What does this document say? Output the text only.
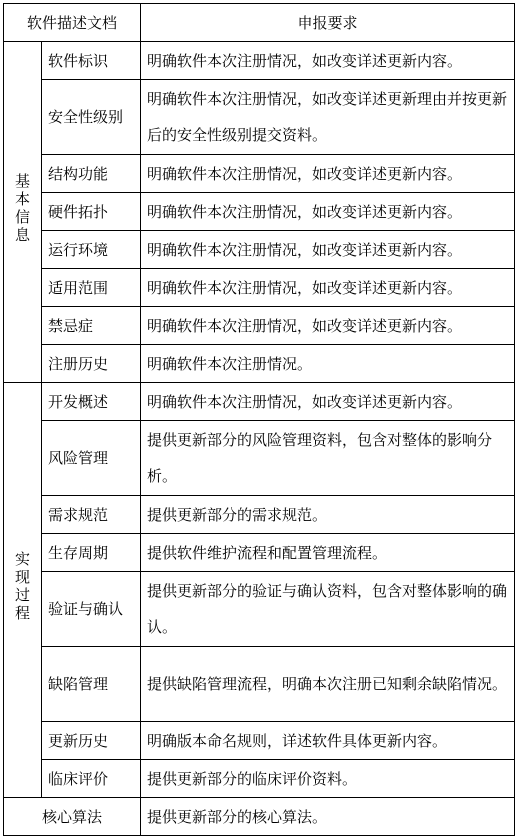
软件描述文档		申报要求
基本信息	软件标识	明确软件本次注册情况，如改变详述更新内容。
	安全性级别	明确软件本次注册情况，如改变详述更新理由并按更新后的安全性级别提交资料。
	结构功能	明确软件本次注册情况，如改变详述更新内容。
	硬件拓扑	明确软件本次注册情况，如改变详述更新内容。
	运行环境	明确软件本次注册情况，如改变详述更新内容。
	适用范围	明确软件本次注册情况，如改变详述更新内容。
	禁忌症	明确软件本次注册情况，如改变详述更新内容。
	注册历史	明确软件本次注册情况。
实现过程	开发概述	明确软件本次注册情况，如改变详述更新内容。
	风险管理	提供更新部分的风险管理资料，包含对整体的影响分析。
	需求规范	提供更新部分的需求规范。
	生存周期	提供软件维护流程和配置管理流程。
	验证与确认	提供更新部分的验证与确认资料，包含对整体影响的确认。
	缺陷管理	提供缺陷管理流程，明确本次注册已知剩余缺陷情况。
	更新历史	明确版本命名规则，详述软件具体更新内容。
	临床评价	提供更新部分的临床评价资料。
核心算法		提供更新部分的核心算法。
